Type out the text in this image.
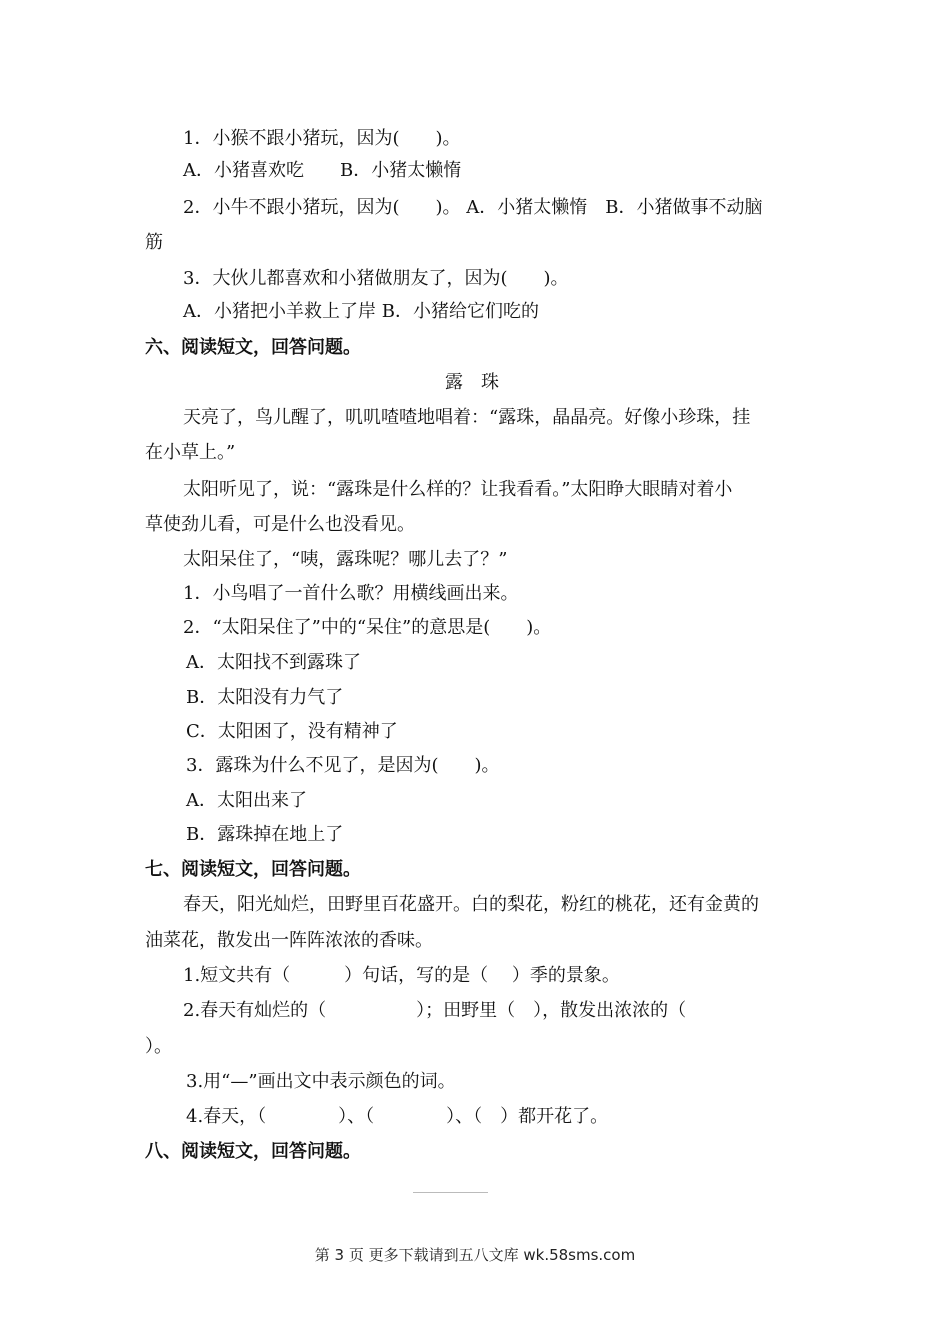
1．小猴不跟小猪玩，因为(　　)。
A．小猪喜欢吃　　B．小猪太懒惰
2．小牛不跟小猪玩，因为(　　)。 A．小猪太懒惰　B．小猪做事不动脑
筋
3．大伙儿都喜欢和小猪做朋友了，因为(　　)。
A．小猪把小羊救上了岸 B．小猪给它们吃的
六、阅读短文，回答问题。
露　珠
天亮了，鸟儿醒了，叽叽喳喳地唱着：“露珠，晶晶亮。好像小珍珠，挂
在小草上。”
太阳听见了，说：“露珠是什么样的？让我看看。”太阳睁大眼睛对着小
草使劲儿看，可是什么也没看见。
太阳呆住了，“咦，露珠呢？哪儿去了？”
1．小鸟唱了一首什么歌？用横线画出来。
2．“太阳呆住了”中的“呆住”的意思是(　　)。
A．太阳找不到露珠了
B．太阳没有力气了
C．太阳困了，没有精神了
3．露珠为什么不见了，是因为(　　)。
A．太阳出来了
B．露珠掉在地上了
七、阅读短文，回答问题。
春天，阳光灿烂，田野里百花盛开。白的梨花，粉红的桃花，还有金黄的
油菜花，散发出一阵阵浓浓的香味。
1.短文共有（　　　）句话，写的是（　 ）季的景象。
2.春天有灿烂的（　　　　　）；田野里（　），散发出浓浓的（
）。
3.用“—”画出文中表示颜色的词。
4.春天，（　　　　）、（　　　　）、（　）都开花了。
八、阅读短文，回答问题。
第 3 页 更多下载请到五八文库 wk.58sms.com
